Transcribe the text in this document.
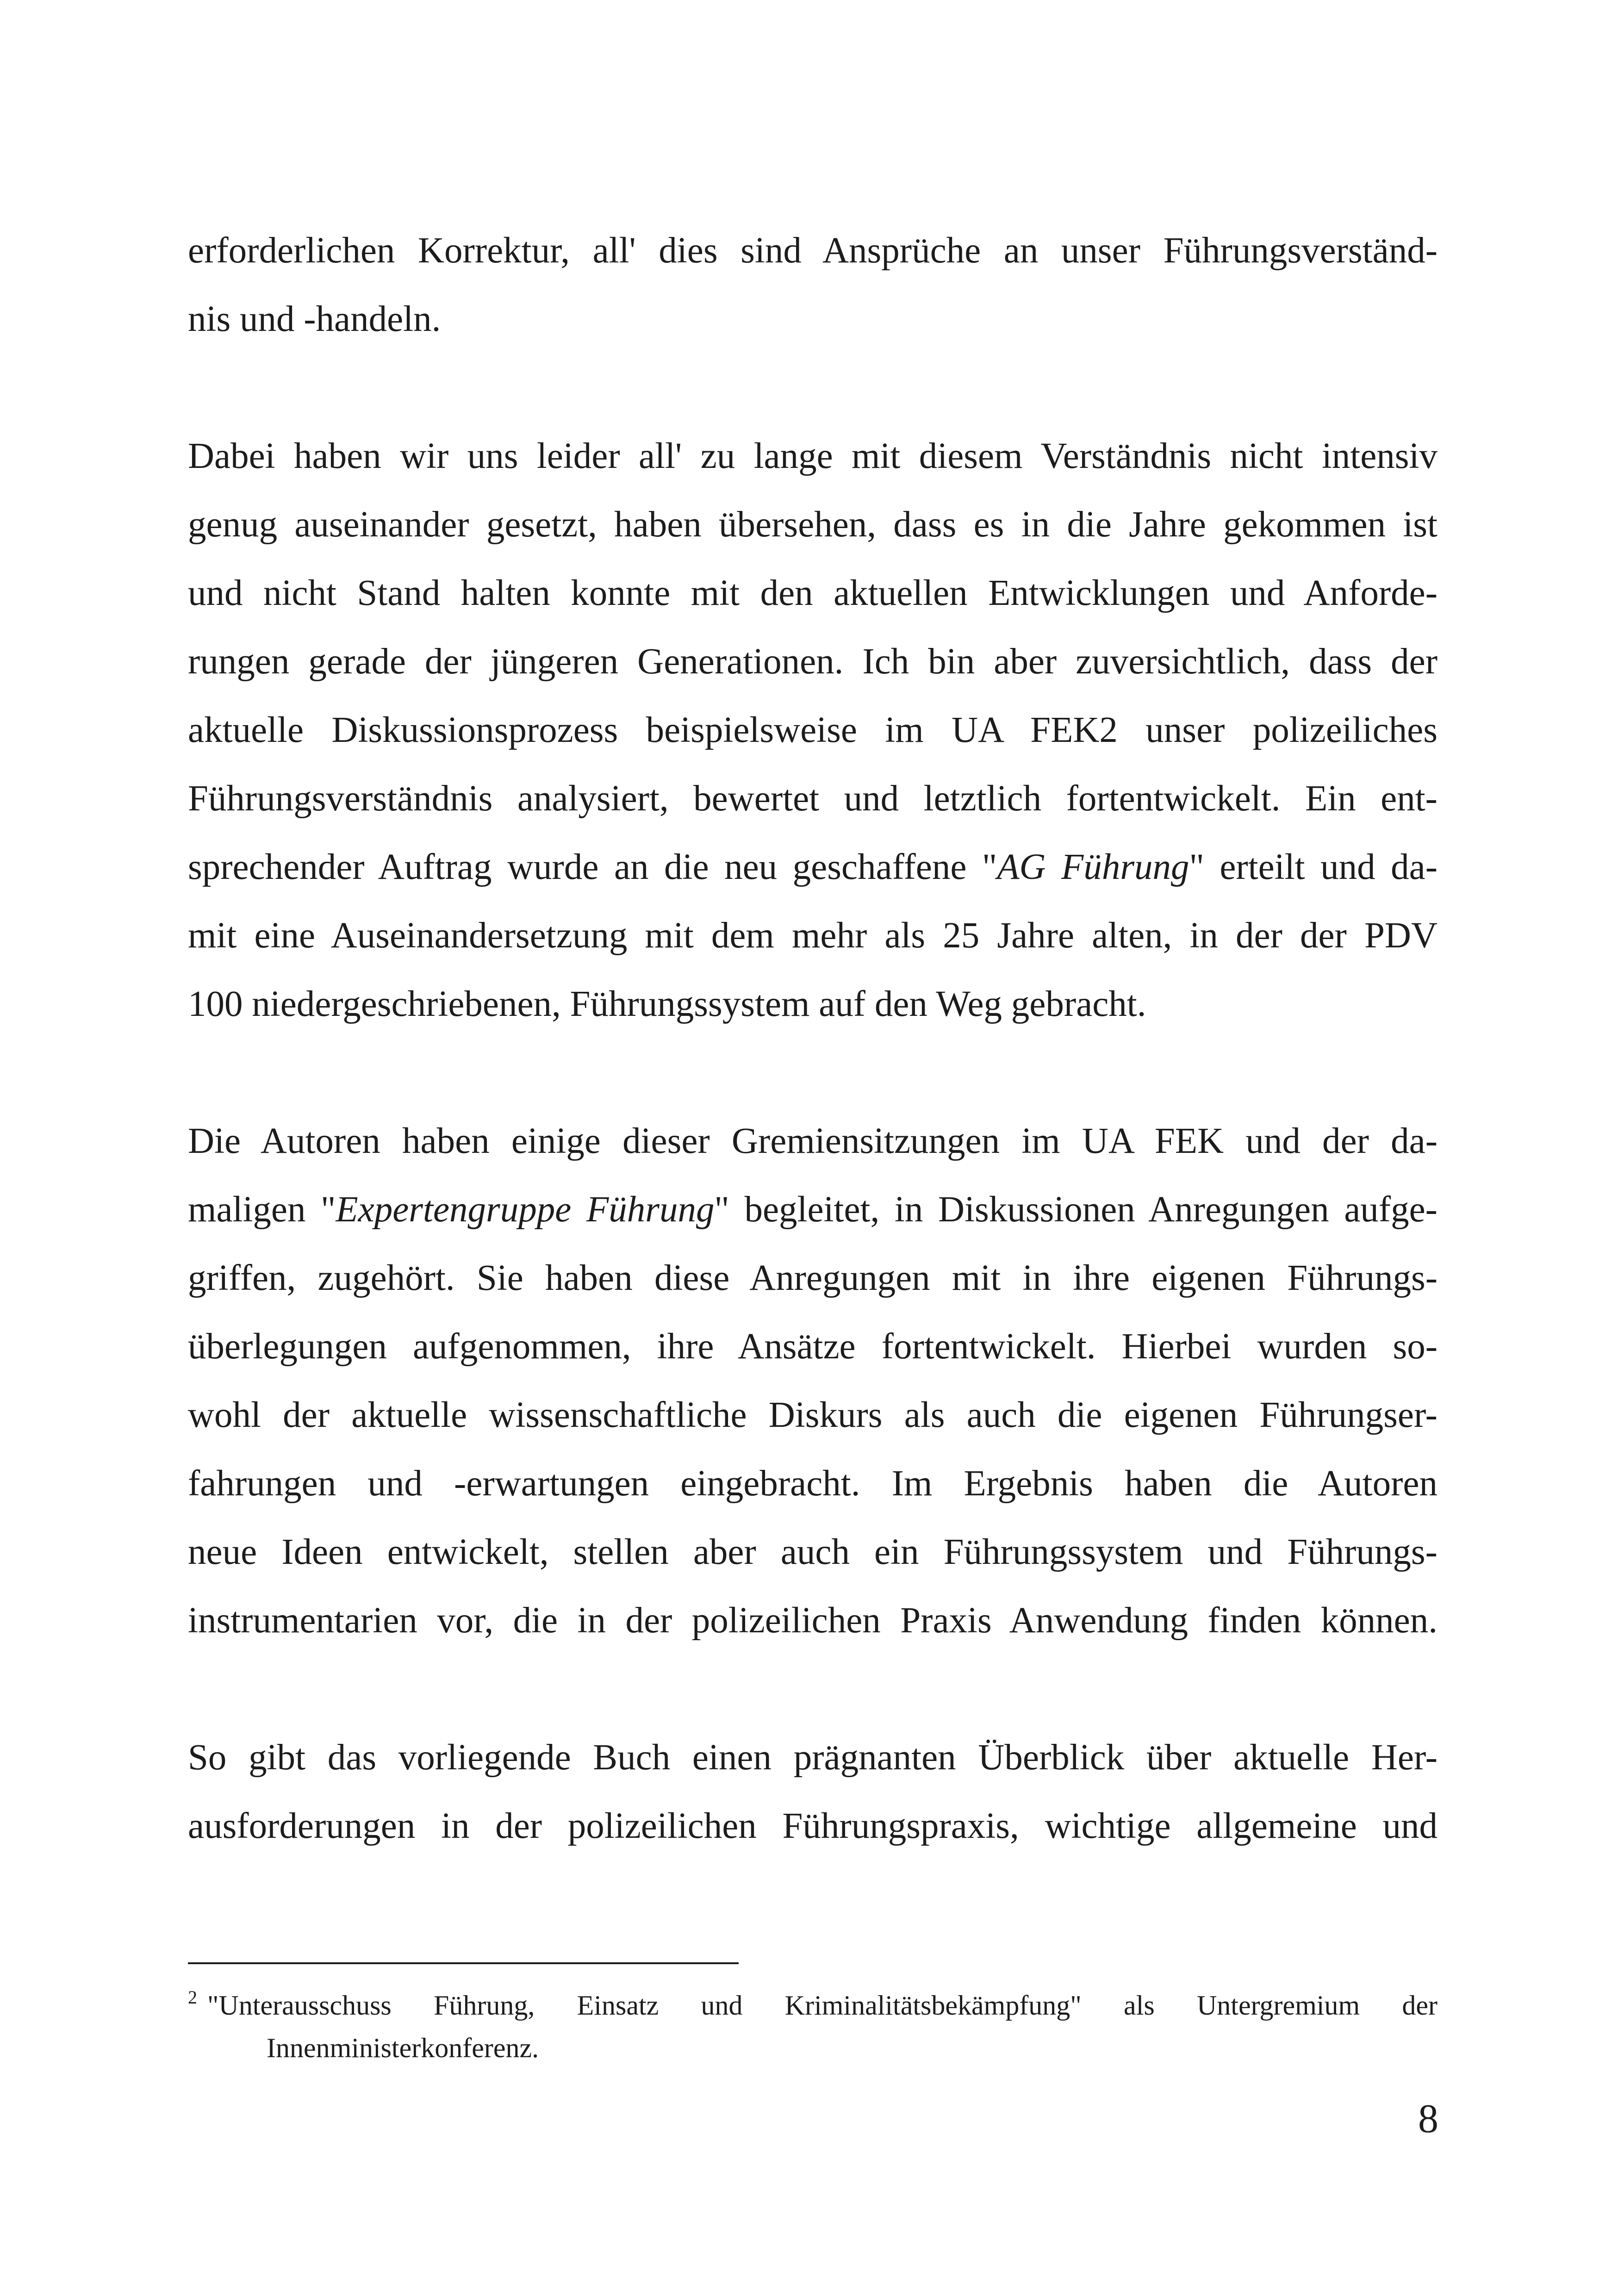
erforderlichen Korrektur, all' dies sind Ansprüche an unser Führungsverständ-
nis und -handeln.
Dabei haben wir uns leider all' zu lange mit diesem Verständnis nicht intensiv
genug auseinander gesetzt, haben übersehen, dass es in die Jahre gekommen ist
und nicht Stand halten konnte mit den aktuellen Entwicklungen und Anforde-
rungen gerade der jüngeren Generationen. Ich bin aber zuversichtlich, dass der
aktuelle Diskussionsprozess beispielsweise im UA FEK2 unser polizeiliches
Führungsverständnis analysiert, bewertet und letztlich fortentwickelt. Ein ent-
sprechender Auftrag wurde an die neu geschaffene "AG Führung" erteilt und da-
mit eine Auseinandersetzung mit dem mehr als 25 Jahre alten, in der der PDV
100 niedergeschriebenen, Führungssystem auf den Weg gebracht.
Die Autoren haben einige dieser Gremiensitzungen im UA FEK und der da-
maligen "Expertengruppe Führung" begleitet, in Diskussionen Anregungen aufge-
griffen, zugehört. Sie haben diese Anregungen mit in ihre eigenen Führungs-
überlegungen aufgenommen, ihre Ansätze fortentwickelt. Hierbei wurden so-
wohl der aktuelle wissenschaftliche Diskurs als auch die eigenen Führungser-
fahrungen und -erwartungen eingebracht. Im Ergebnis haben die Autoren
neue Ideen entwickelt, stellen aber auch ein Führungssystem und Führungs-
instrumentarien vor, die in der polizeilichen Praxis Anwendung finden können.
So gibt das vorliegende Buch einen prägnanten Überblick über aktuelle Her-
ausforderungen in der polizeilichen Führungspraxis, wichtige allgemeine und
$^2$ "Unterausschuss Führung, Einsatz und Kriminalitätsbekämpfung" als Untergremium der
Innenministerkonferenz.
8
